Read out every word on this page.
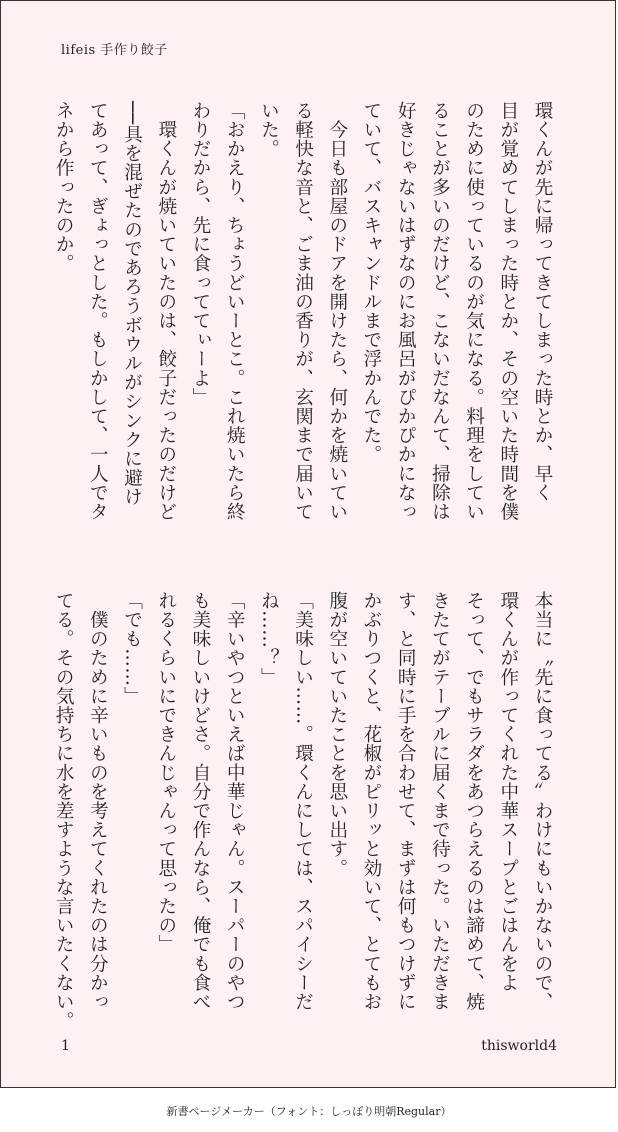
lifeis 手作り餃子

環くんが先に帰ってきてしまった時とか、早く

目が覚めてしまった時とか、その空いた時間を僕

のために使っているのが気になる。料理をしてい

ることが多いのだけど、こないだなんて、掃除は

好きじゃないはずなのにお風呂がぴかぴかになっ

ていて、バスキャンドルまで浮かんでた。

　今日も部屋のドアを開けたら、何かを焼いてい

る軽快な音と、ごま油の香りが、玄関まで届いて

いた。

「おかえり、ちょうどいーとこ。これ焼いたら終

わりだから、先に食っててぃーよ」

　環くんが焼いていたのは、餃子だったのだけど

──具を混ぜたのであろうボウルがシンクに避け

てあって、ぎょっとした。もしかして、一人でタ

ネから作ったのか。

本当に〝先に食ってる〟わけにもいかないので、

環くんが作ってくれた中華スープとごはんをよ

そって、でもサラダをあつらえるのは諦めて、焼

きたてがテーブルに届くまで待った。いただきま

す、と同時に手を合わせて、まずは何もつけずに

かぶりつくと、花椒がピリッと効いて、とてもお

腹が空いていたことを思い出す。

「美味しい……。環くんにしては、スパイシーだ

ね……？」

「辛いやつといえば中華じゃん。スーパーのやつ

も美味しいけどさ。自分で作んなら、俺でも食べ

れるくらいにできんじゃんって思ったの」

「でも……」

　僕のために辛いものを考えてくれたのは分かっ

てる。その気持ちに水を差すような言いたくない。

1	thisworld4
新書ページメーカー（フォント：しっぽり明朝Regular）
